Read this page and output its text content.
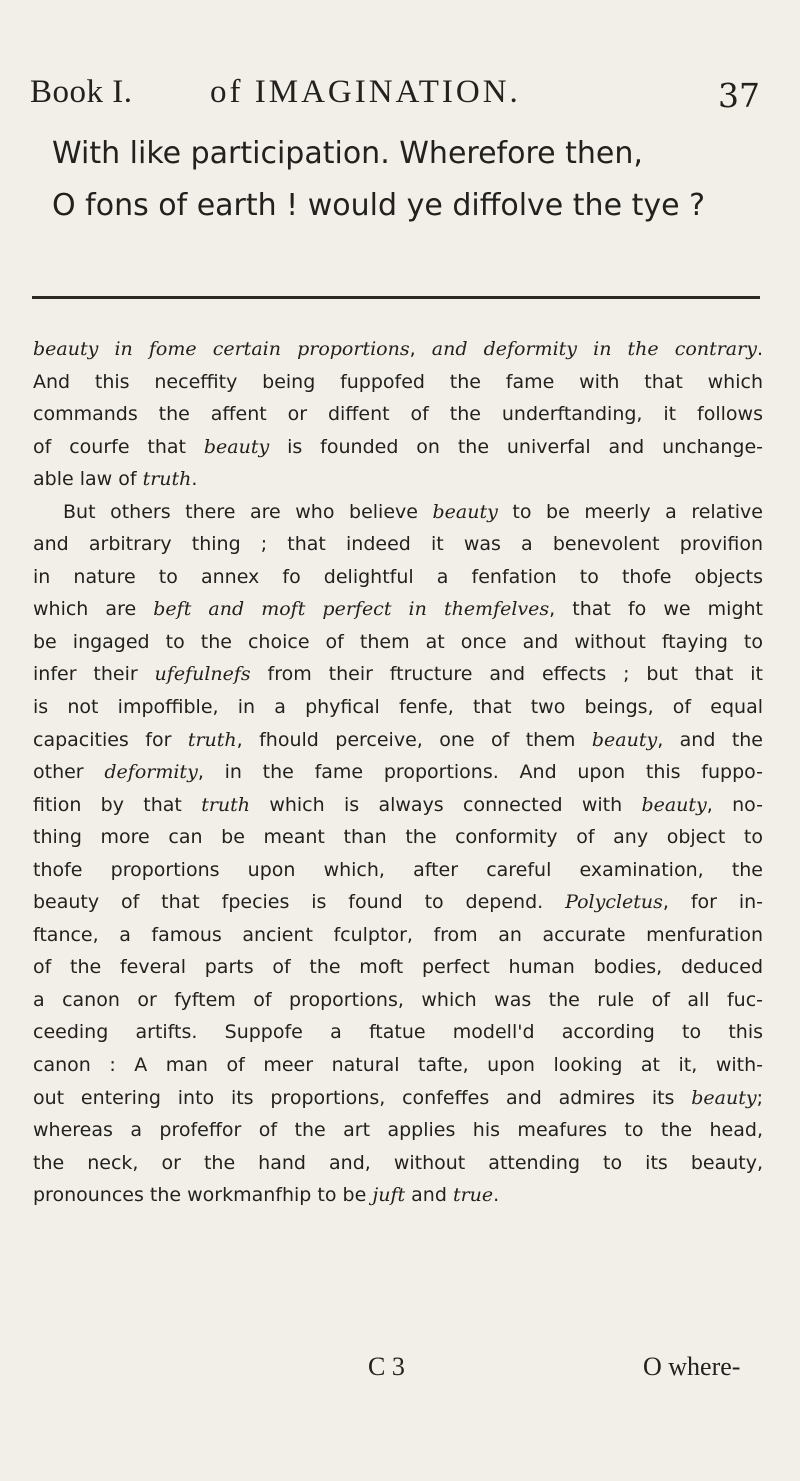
Book I. of IMAGINATION.	37
With like participation. Wherefore then,
O fons of earth ! would ye diffolve the tye ?
beauty in fome certain proportions, and deformity in the contrary.
And this neceffity being fuppofed the fame with that which
commands the affent or diffent of the underftanding, it follows
of courfe that beauty is founded on the univerfal and unchange-
able law of truth.
But others there are who believe beauty to be meerly a relative
and arbitrary thing ; that indeed it was a benevolent provifion
in nature to annex fo delightful a fenfation to thofe objects
which are beft and moft perfect in themfelves, that fo we might
be ingaged to the choice of them at once and without ftaying to
infer their ufefulnefs from their ftructure and effects ; but that it
is not impoffible, in a phyfical fenfe, that two beings, of equal
capacities for truth, fhould perceive, one of them beauty, and the
other deformity, in the fame proportions. And upon this fuppo-
fition by that truth which is always connected with beauty, no-
thing more can be meant than the conformity of any object to
thofe proportions upon which, after careful examination, the
beauty of that fpecies is found to depend. Polycletus, for in-
ftance, a famous ancient fculptor, from an accurate menfuration
of the feveral parts of the moft perfect human bodies, deduced
a canon or fyftem of proportions, which was the rule of all fuc-
ceeding artifts. Suppofe a ftatue modell'd according to this
canon : A man of meer natural tafte, upon looking at it, with-
out entering into its proportions, confeffes and admires its beauty;
whereas a profeffor of the art applies his meafures to the head,
the neck, or the hand and, without attending to its beauty,
pronounces the workmanfhip to be juft and true.
C 3	O where-
